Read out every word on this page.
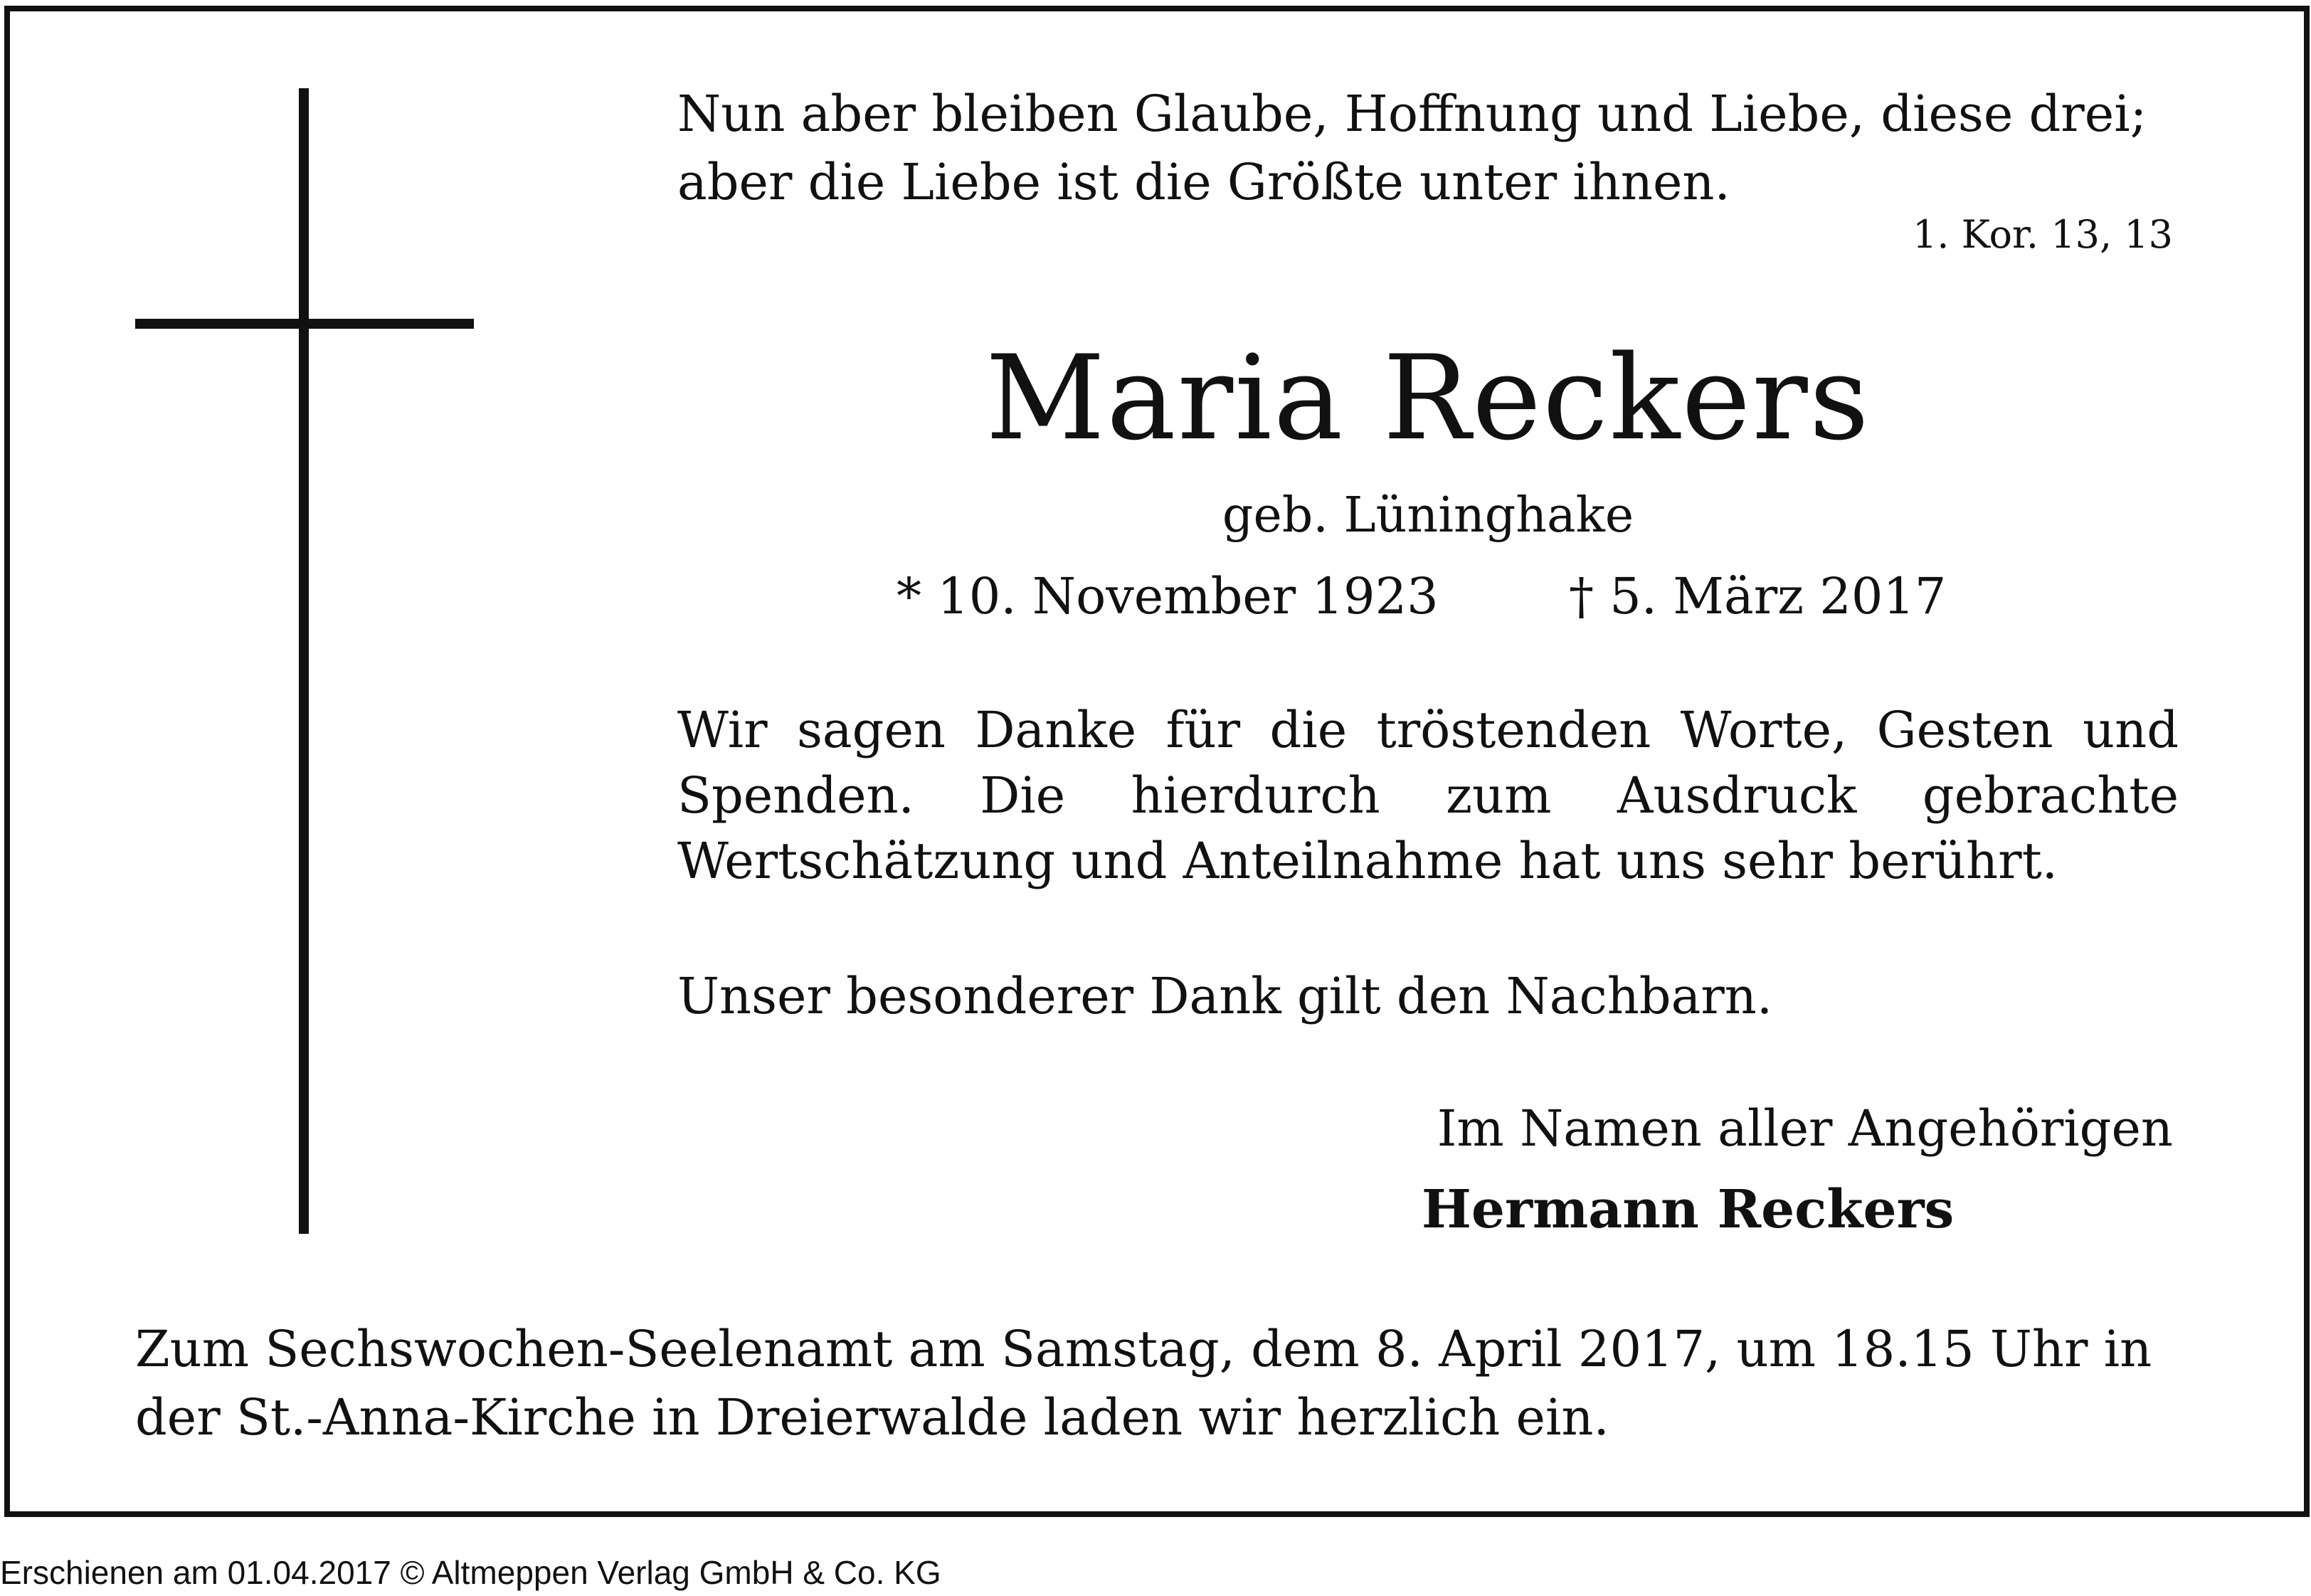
Nun aber bleiben Glaube, Hoffnung und Liebe, diese drei;
aber die Liebe ist die Größte unter ihnen.
1. Kor. 13, 13
Maria Reckers
geb. Lüninghake
* 10. November 1923	† 5. März 2017
Wir sagen Danke für die tröstenden Worte, Gesten und
Spenden. Die hierdurch zum Ausdruck gebrachte
Wertschätzung und Anteilnahme hat uns sehr berührt.
Unser besonderer Dank gilt den Nachbarn.
Im Namen aller Angehörigen
Hermann Reckers
Zum Sechswochen-Seelenamt am Samstag, dem 8. April 2017, um 18.15 Uhr in
der St.-Anna-Kirche in Dreierwalde laden wir herzlich ein.
Erschienen am 01.04.2017 © Altmeppen Verlag GmbH & Co. KG
